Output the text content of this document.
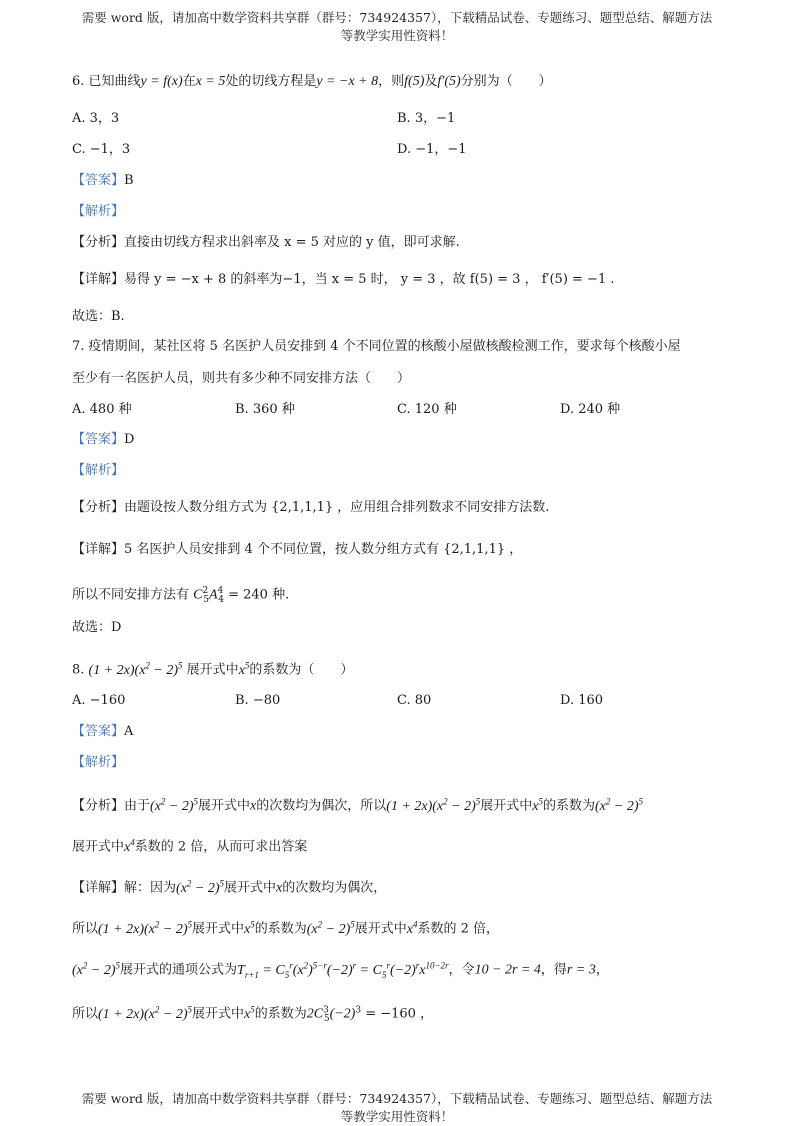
需要 word 版，请加高中数学资料共享群（群号：734924357），下载精品试卷、专题练习、题型总结、解题方法
等教学实用性资料！
6. 已知曲线y = f(x)在x = 5处的切线方程是y = −x + 8，则f(5)及f′(5)分别为（　　）
A. 3，3	B. 3，−1
C. −1，3	D. −1，−1
【答案】B
【解析】
【分析】直接由切线方程求出斜率及 x = 5 对应的 y 值，即可求解.
【详解】易得 y = −x + 8 的斜率为−1，当 x = 5 时， y = 3 ，故 f(5) = 3 ， f′(5) = −1 .
故选：B.
7. 疫情期间，某社区将 5 名医护人员安排到 4 个不同位置的核酸小屋做核酸检测工作，要求每个核酸小屋
至少有一名医护人员，则共有多少种不同安排方法（　　）
A. 480 种	B. 360 种	C. 120 种	D. 240 种
【答案】D
【解析】
【分析】由题设按人数分组方式为 {2,1,1,1} ，应用组合排列数求不同安排方法数.
【详解】5 名医护人员安排到 4 个不同位置，按人数分组方式有 {2,1,1,1} ，
所以不同安排方法有 $C^2_5A^4_4 = 240$ 种.
故选：D
8. $(1 + 2x)(x^2 - 2)^5$ 展开式中$x^5$的系数为（　　）
A. −160	B. −80	C. 80	D. 160
【答案】A
【解析】
【分析】由于$(x^2 - 2)^5$展开式中x的次数均为偶次，所以$(1 + 2x)(x^2 - 2)^5$展开式中$x^5$的系数为$(x^2 - 2)^5$
展开式中$x^4$系数的 2 倍，从而可求出答案
【详解】解：因为$(x^2 - 2)^5$展开式中x的次数均为偶次，
所以$(1 + 2x)(x^2 - 2)^5$展开式中$x^5$的系数为$(x^2 - 2)^5$展开式中$x^4$系数的 2 倍，
$(x^2 - 2)^5$展开式的通项公式为$T_{r+1} = C_5^r(x^2)^{5-r}(-2)^r = C_5^r(-2)^rx^{10-2r}$，令10 − 2r = 4，得r = 3，
所以$(1 + 2x)(x^2 - 2)^5$展开式中$x^5$的系数为$2C^3_5(-2)^3 = -160$ ，
需要 word 版，请加高中数学资料共享群（群号：734924357），下载精品试卷、专题练习、题型总结、解题方法
等教学实用性资料！
